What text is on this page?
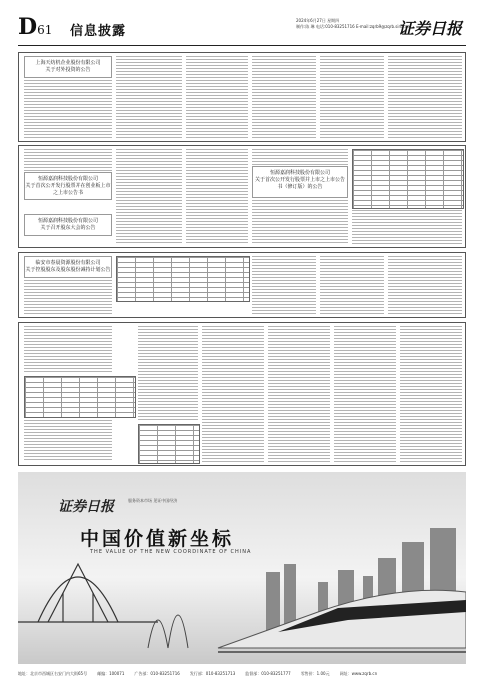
D61 信息披露
2024年6月27日 星期四
制作:陈 琳 电话:010-83251716 E-mail:zqrb9@zqrb.sina.net
证券日报
上海天纺机企业股份有限公司
关于对外投资的公告
恒源嘉润科技股份有限公司
关于首次公开发行股票并在创业板上市之上市公告书
恒源嘉润科技股份有限公司
关于召开股东大会的公告
恒源嘉润科技股份有限公司
关于首次公开发行股票并上市之上市公告书（修订版）的公告
临安市春晨资源股份有限公司
关于控股股东及股东股份减持计划公告
证券日报	服务资本市场 见证中国经济
中国价值新坐标
THE VALUE OF THE NEW COORDINATE OF CHINA
地址：北京市西城区右安门内大街65号	邮编：100071	广告部：010-83251716	发行部：010-83251713	监督部：010-83251777	零售价：1.00元	网址：www.zqrb.cn
